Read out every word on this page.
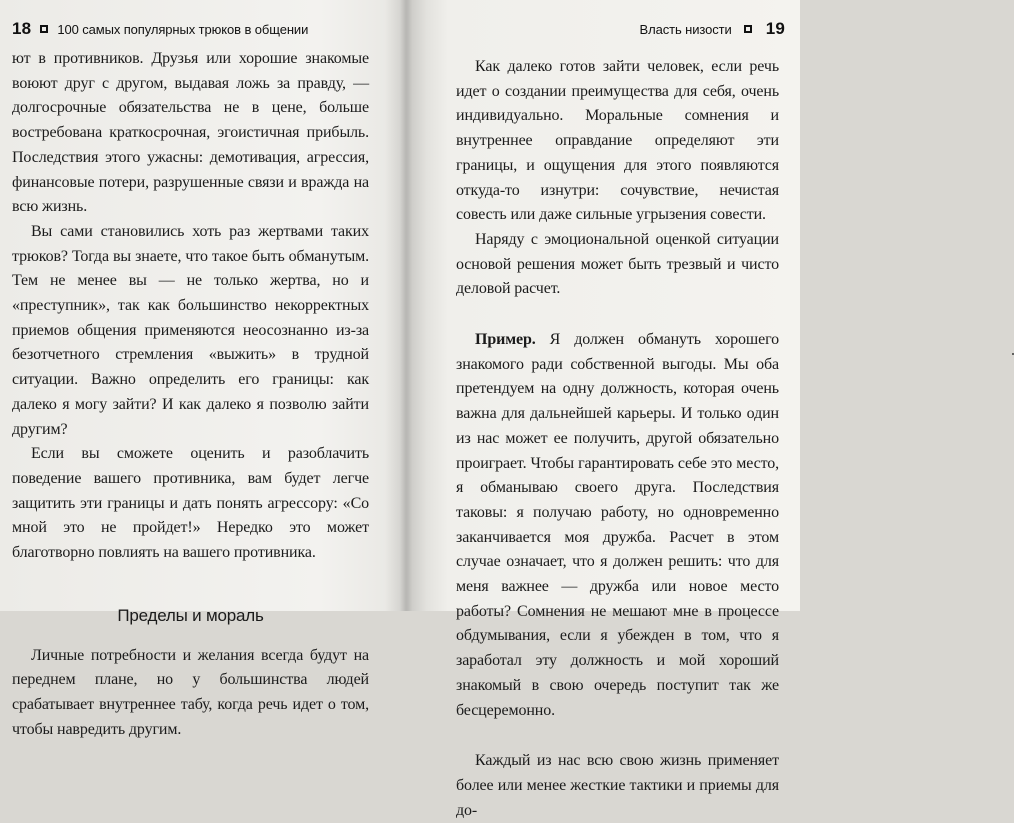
18 100 самых популярных трюков в общении

ют в противников. Друзья или хорошие знакомые воюют друг с другом, выдавая ложь за правду, — долгосрочные обязательства не в цене, больше востребована краткосрочная, эгоистичная прибыль. Последствия этого ужасны: демотивация, агрессия, финансовые потери, разрушенные связи и вражда на всю жизнь.

Вы сами становились хоть раз жертвами таких трюков? Тогда вы знаете, что такое быть обманутым. Тем не менее вы — не только жертва, но и «преступник», так как большинство некорректных приемов общения применяются неосознанно из-за безотчетного стремления «выжить» в трудной ситуации. Важно определить его границы: как далеко я могу зайти? И как далеко я позволю зайти другим?

Если вы сможете оценить и разоблачить поведение вашего противника, вам будет легче защитить эти границы и дать понять агрессору: «Со мной это не пройдет!» Нередко это может благотворно повлиять на вашего противника.

Пределы и мораль

Личные потребности и желания всегда будут на переднем плане, но у большинства людей срабатывает внутреннее табу, когда речь идет о том, чтобы навредить другим.

Власть низости 19

Как далеко готов зайти человек, если речь идет о создании преимущества для себя, очень индивидуально. Моральные сомнения и внутреннее оправдание определяют эти границы, и ощущения для этого появляются откуда-то изнутри: сочувствие, нечистая совесть или даже сильные угрызения совести.

Наряду с эмоциональной оценкой ситуации основой решения может быть трезвый и чисто деловой расчет.

Пример. Я должен обмануть хорошего знакомого ради собственной выгоды. Мы оба претендуем на одну должность, которая очень важна для дальнейшей карьеры. И только один из нас может ее получить, другой обязательно проиграет. Чтобы гарантировать себе это место, я обманываю своего друга. Последствия таковы: я получаю работу, но одновременно заканчивается моя дружба. Расчет в этом случае означает, что я должен решить: что для меня важнее — дружба или новое место работы? Сомнения не мешают мне в процессе обдумывания, если я убежден в том, что я заработал эту должность и мой хороший знакомый в свою очередь поступит так же бесцеремонно.

Каждый из нас всю свою жизнь применяет более или менее жесткие тактики и приемы для до-
